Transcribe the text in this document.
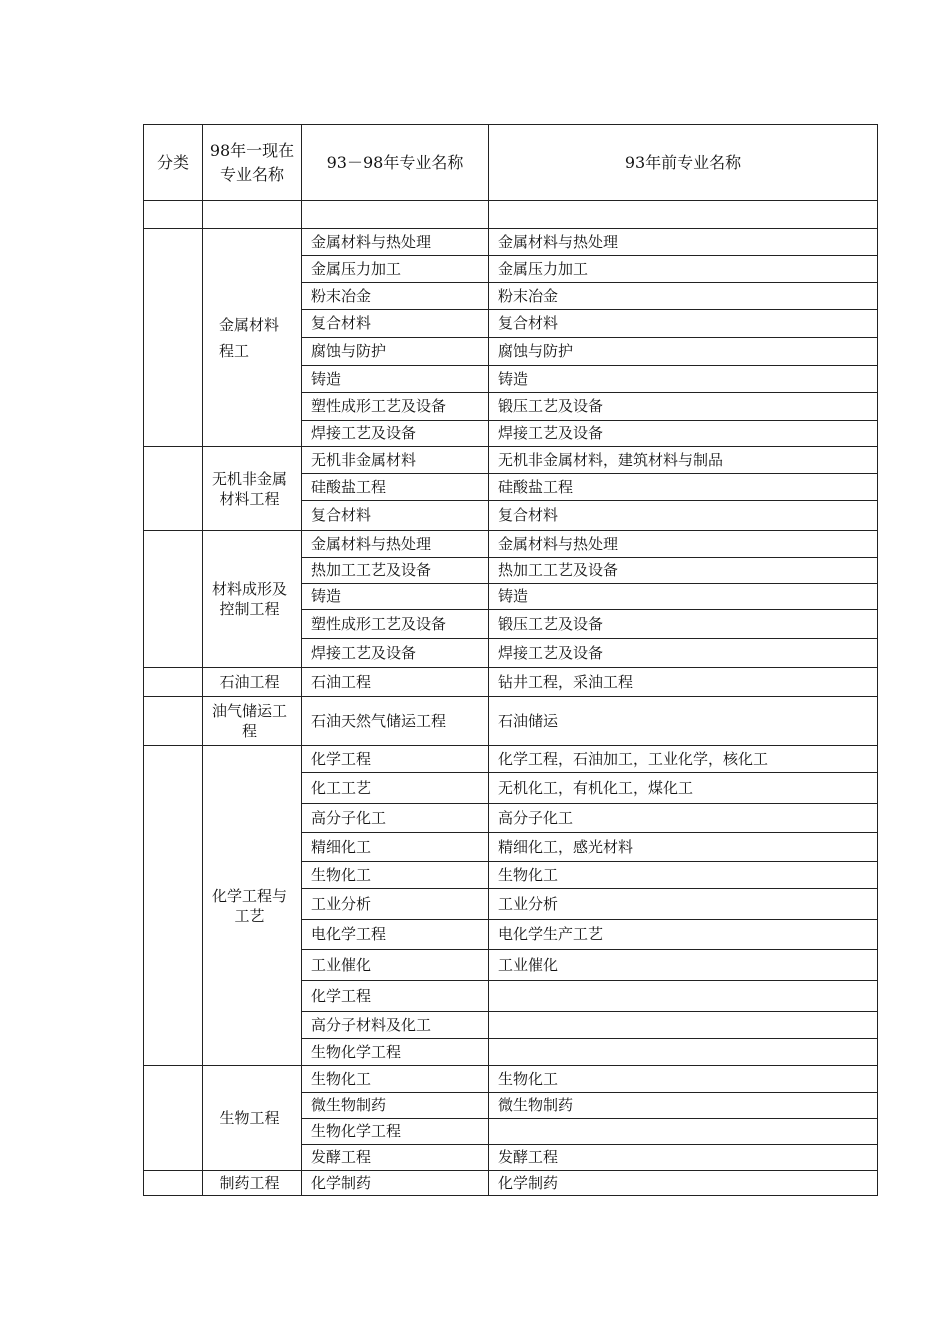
分类	98年一现在专业名称	93－98年专业名称	93年前专业名称

	金属材料程工	金属材料与热处理	金属材料与热处理
		金属压力加工	金属压力加工
		粉末冶金	粉末冶金
		复合材料	复合材料
		腐蚀与防护	腐蚀与防护
		铸造	铸造
		塑性成形工艺及设备	锻压工艺及设备
		焊接工艺及设备	焊接工艺及设备
	无机非金属材料工程	无机非金属材料	无机非金属材料，建筑材料与制品
		硅酸盐工程	硅酸盐工程
		复合材料	复合材料
	材料成形及控制工程	金属材料与热处理	金属材料与热处理
		热加工工艺及设备	热加工工艺及设备
		铸造	铸造
		塑性成形工艺及设备	锻压工艺及设备
		焊接工艺及设备	焊接工艺及设备
	石油工程	石油工程	钻井工程，采油工程
	油气储运工程	石油天然气储运工程	石油储运
	化学工程与工艺	化学工程	化学工程，石油加工，工业化学，核化工
		化工工艺	无机化工，有机化工，煤化工
		高分子化工	高分子化工
		精细化工	精细化工，感光材料
		生物化工	生物化工
		工业分析	工业分析
		电化学工程	电化学生产工艺
		工业催化	工业催化
		化学工程	
		高分子材料及化工	
		生物化学工程	
	生物工程	生物化工	生物化工
		微生物制药	微生物制药
		生物化学工程	
		发酵工程	发酵工程
	制药工程	化学制药	化学制药
